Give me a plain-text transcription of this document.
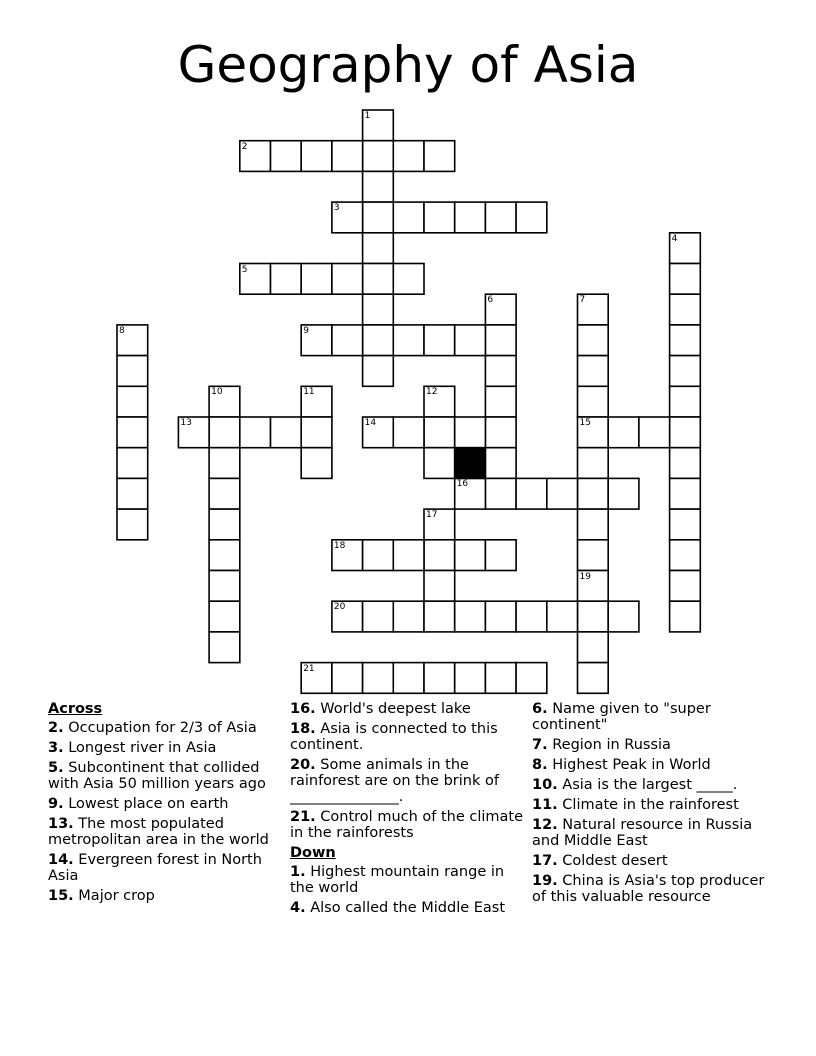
Geography of Asia
1
2
3
4
5
6	7
15
19
8	9
10	11	12
13	14
16
17
18
20
21
Across
2. Occupation for 2/3 of Asia
3. Longest river in Asia
5. Subcontinent that collided with Asia 50 million years ago
9. Lowest place on earth
13. The most populated metropolitan area in the world
14. Evergreen forest in North Asia
15. Major crop
16. World's deepest lake
18. Asia is connected to this continent.
20. Some animals in the rainforest are on the brink of _______________.
21. Control much of the climate in the rainforests
Down
1. Highest mountain range in the world
4. Also called the Middle East
6. Name given to "super continent"
7. Region in Russia
8. Highest Peak in World
10. Asia is the largest _____.
11. Climate in the rainforest
12. Natural resource in Russia and Middle East
17. Coldest desert
19. China is Asia's top producer of this valuable resource
